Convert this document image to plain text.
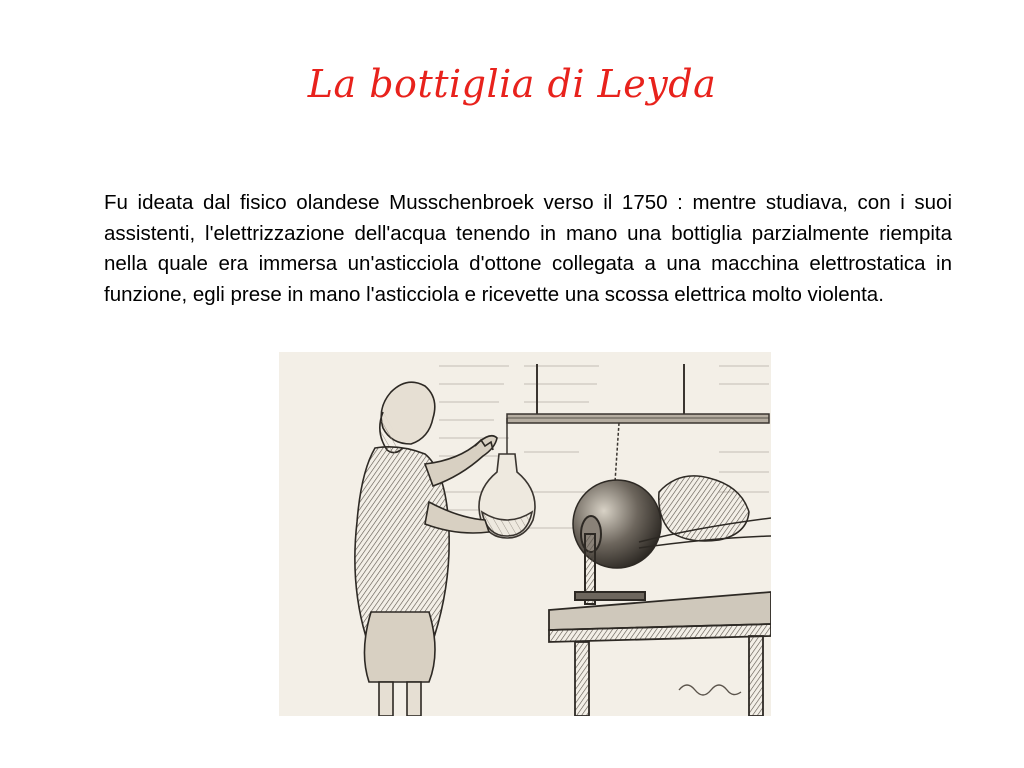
La bottiglia di Leyda
Fu ideata dal fisico olandese Musschenbroek verso il 1750 : mentre studiava, con i suoi assistenti, l'elettrizzazione dell'acqua tenendo in mano una bottiglia parzialmente riempita nella quale era immersa un'asticciola d'ottone collegata a una macchina elettrostatica in funzione, egli prese in mano l'asticciola e ricevette una scossa elettrica molto violenta.
